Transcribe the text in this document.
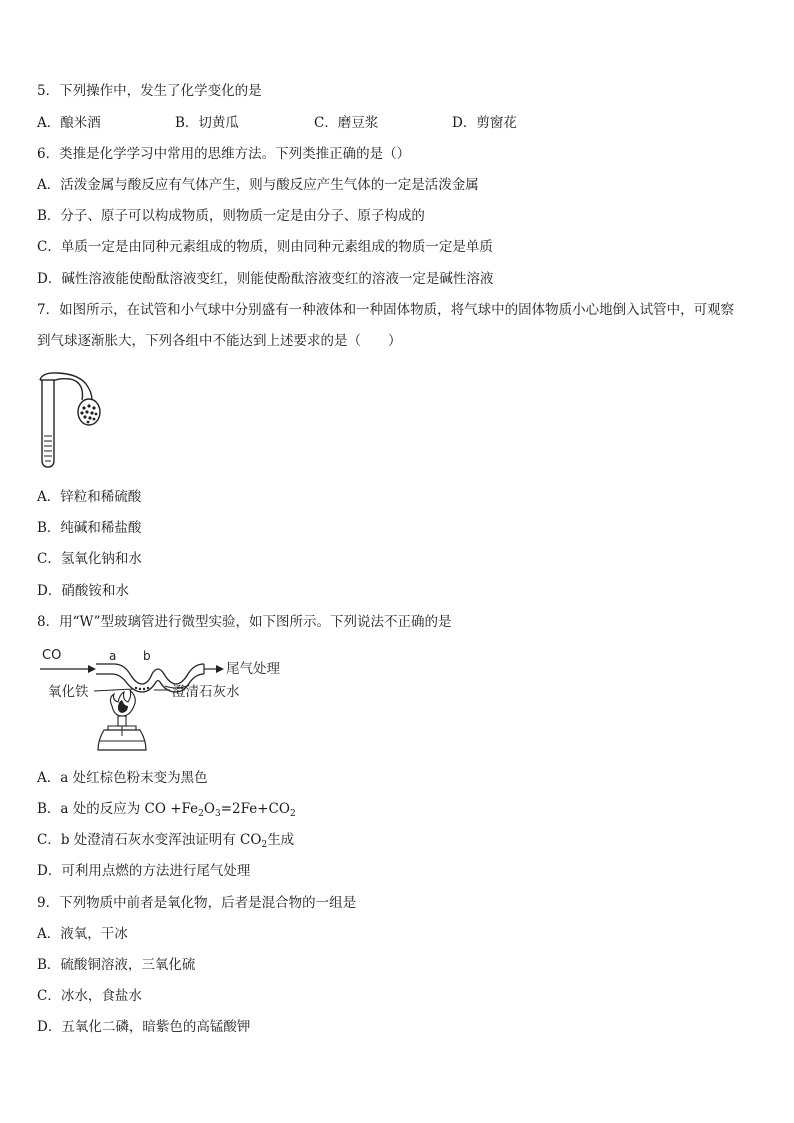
5．下列操作中，发生了化学变化的是
A．酿米酒	B．切黄瓜	C．磨豆浆	D．剪窗花
6．类推是化学学习中常用的思维方法。下列类推正确的是（）
A．活泼金属与酸反应有气体产生，则与酸反应产生气体的一定是活泼金属
B．分子、原子可以构成物质，则物质一定是由分子、原子构成的
C．单质一定是由同种元素组成的物质，则由同种元素组成的物质一定是单质
D．碱性溶液能使酚酞溶液变红，则能使酚酞溶液变红的溶液一定是碱性溶液
7．如图所示，在试管和小气球中分别盛有一种液体和一种固体物质，将气球中的固体物质小心地倒入试管中，可观察
到气球逐渐胀大，下列各组中不能达到上述要求的是（　　）
A．锌粒和稀硫酸
B．纯碱和稀盐酸
C．氢氧化钠和水
D．硝酸铵和水
8．用“W”型玻璃管进行微型实验，如下图所示。下列说法不正确的是
CO	a b
尾气处理
氧化铁	澄清石灰水
A．a 处红棕色粉末变为黑色
B．a 处的反应为 CO $+Fe_2O_3=2Fe+CO_2$
C．b 处澄清石灰水变浑浊证明有 $CO_2$生成
D．可利用点燃的方法进行尾气处理
9．下列物质中前者是氧化物，后者是混合物的一组是
A．液氧，干冰
B．硫酸铜溶液，三氧化硫
C．冰水，食盐水
D．五氧化二磷，暗紫色的高锰酸钾
